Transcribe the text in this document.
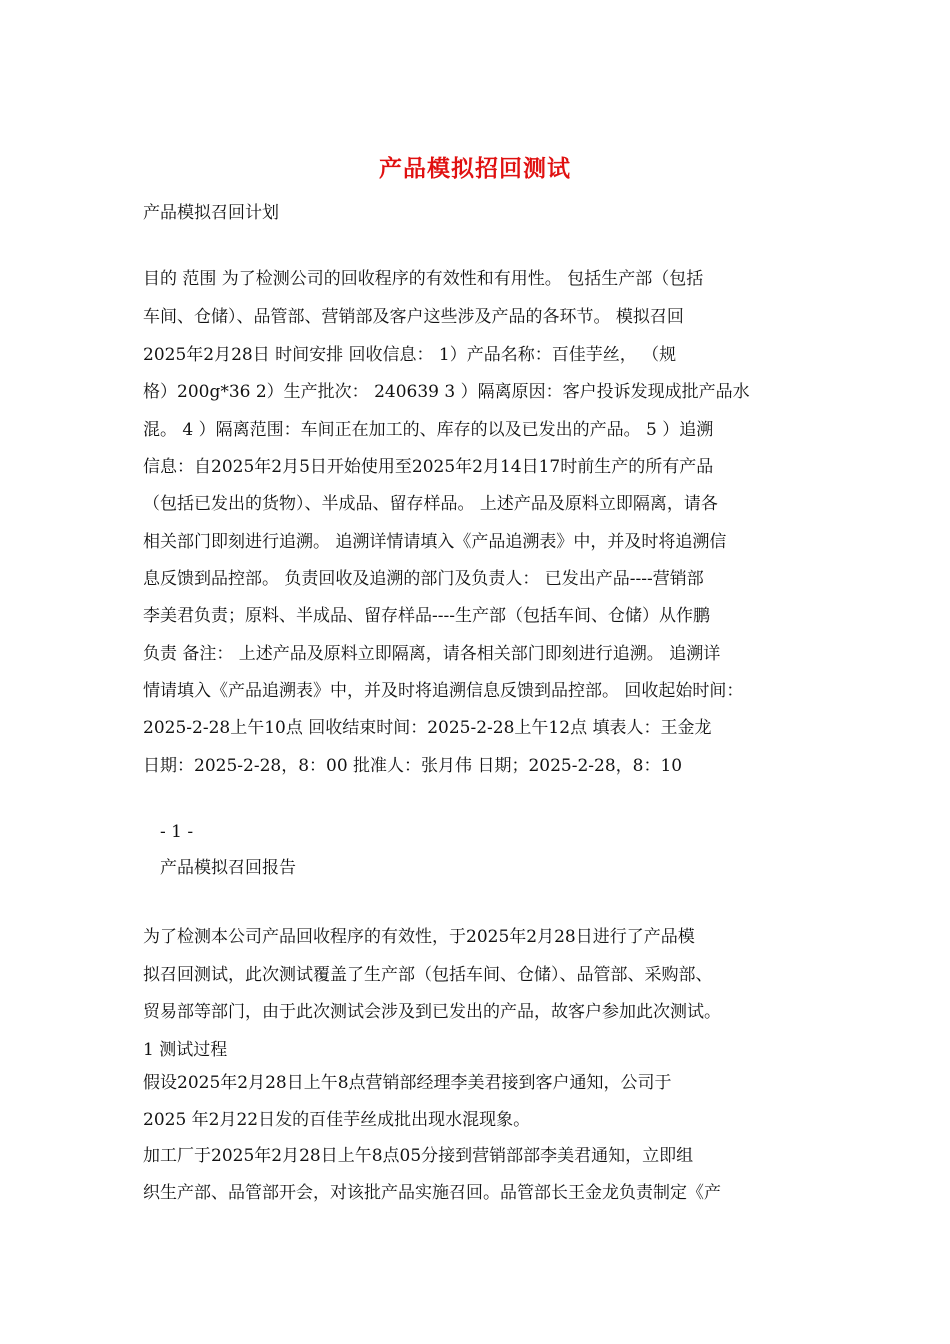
产品模拟招回测试
产品模拟召回计划
目的 范围 为了检测公司的回收程序的有效性和有用性。 包括生产部（包括
车间、仓储）、品管部、营销部及客户这些涉及产品的各环节。 模拟召回
2025年2月28日 时间安排 回收信息： 1）产品名称：百佳芋丝， （规
格）200g*36 2）生产批次： 240639 3 ）隔离原因：客户投诉发现成批产品水
混。 4 ）隔离范围：车间正在加工的、库存的以及已发出的产品。 5 ）追溯
信息：自2025年2月5日开始使用至2025年2月14日17时前生产的所有产品
（包括已发出的货物）、半成品、留存样品。 上述产品及原料立即隔离，请各
相关部门即刻进行追溯。 追溯详情请填入《产品追溯表》中，并及时将追溯信
息反馈到品控部。 负责回收及追溯的部门及负责人： 已发出产品----营销部
李美君负责；原料、半成品、留存样品----生产部（包括车间、仓储）从作鹏
负责 备注： 上述产品及原料立即隔离，请各相关部门即刻进行追溯。 追溯详
情请填入《产品追溯表》中，并及时将追溯信息反馈到品控部。 回收起始时间：
2025-2-28上午10点 回收结束时间：2025-2-28上午12点 填表人：王金龙
日期：2025-2-28，8：00 批准人：张月伟 日期；2025-2-28，8：10
- 1 -
产品模拟召回报告
为了检测本公司产品回收程序的有效性，于2025年2月28日进行了产品模
拟召回测试，此次测试覆盖了生产部（包括车间、仓储）、品管部、采购部、
贸易部等部门，由于此次测试会涉及到已发出的产品，故客户参加此次测试。
1 测试过程
假设2025年2月28日上午8点营销部经理李美君接到客户通知，公司于
2025 年2月22日发的百佳芋丝成批出现水混现象。
加工厂于2025年2月28日上午8点05分接到营销部部李美君通知，立即组
织生产部、品管部开会，对该批产品实施召回。品管部长王金龙负责制定《产
